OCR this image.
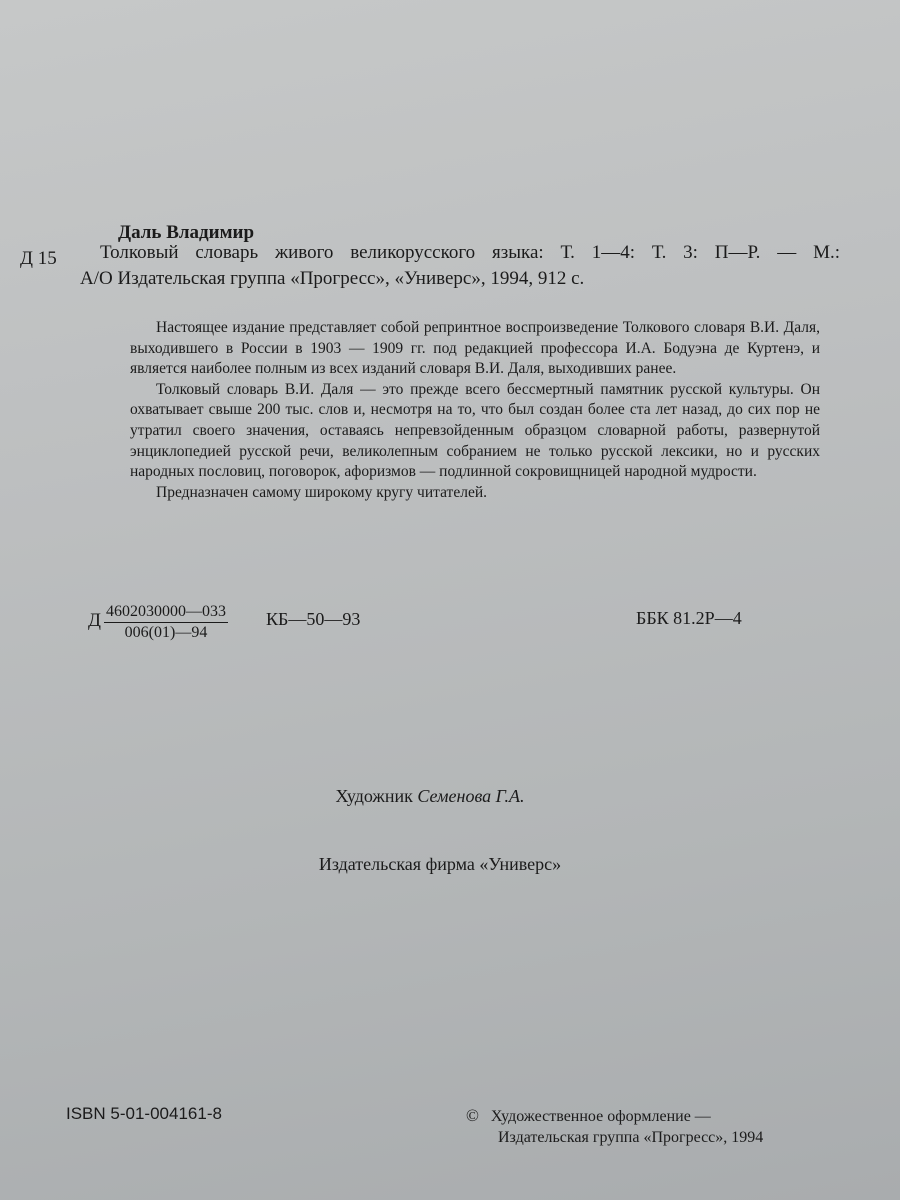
Даль Владимир
Д 15 Толковый словарь живого великорусского языка: Т. 1—4: Т. 3: П—Р. — М.:
А/О Издательская группа «Прогресс», «Универс», 1994, 912 с.

Настоящее издание представляет собой репринтное воспроизведение Толкового словаря В.И. Даля, выходившего в России в 1903 — 1909 гг. под редакцией профессора И.А. Бодуэна де Куртенэ, и является наиболее полным из всех изданий словаря В.И. Даля, выходивших ранее.

Толковый словарь В.И. Даля — это прежде всего бессмертный памятник русской культуры. Он охватывает свыше 200 тыс. слов и, несмотря на то, что был создан более ста лет назад, до сих пор не утратил своего значения, оставаясь непревзойденным образцом словарной работы, развернутой энциклопедией русской речи, великолепным собранием не только русской лексики, но и русских народных пословиц, поговорок, афоризмов — подлинной сокровищницей народной мудрости.

Предназначен самому широкому кругу читателей.

Д $\frac{4602030000—033}{006(01)—94}$ КБ—50—93	ББК 81.2Р—4
Художник Семенова Г.А.
Издательская фирма «Универс»
ISBN 5-01-004161-8	© Художественное оформление —
Издательская группа «Прогресс», 1994
